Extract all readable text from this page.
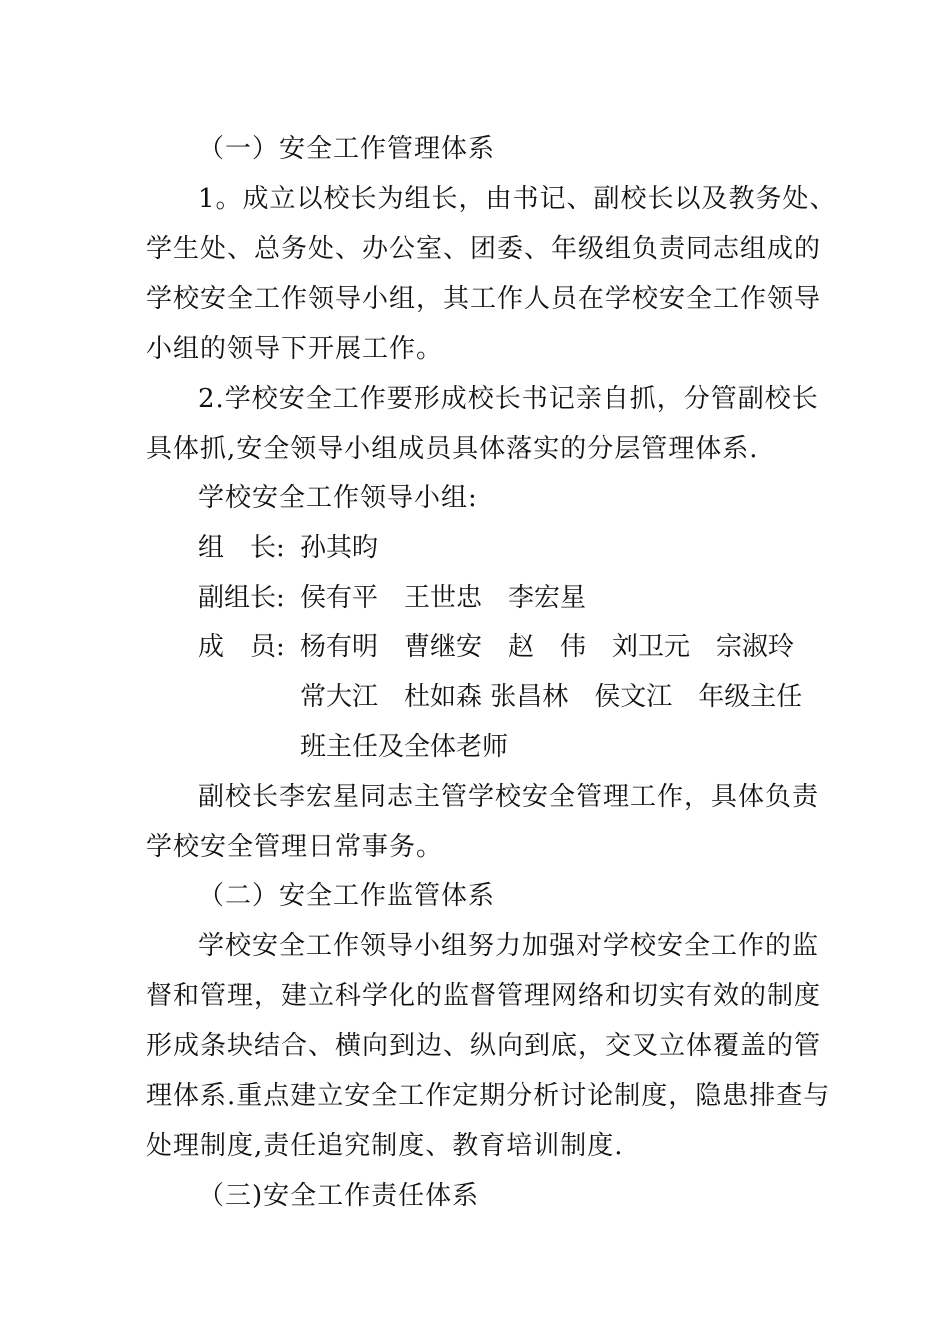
（一）安全工作管理体系
1。成立以校长为组长，由书记、副校长以及教务处、
学生处、总务处、办公室、团委、年级组负责同志组成的
学校安全工作领导小组，其工作人员在学校安全工作领导
小组的领导下开展工作。
2.学校安全工作要形成校长书记亲自抓，分管副校长
具体抓,安全领导小组成员具体落实的分层管理体系.
学校安全工作领导小组:
组　长: 孙其昀
副组长: 侯有平　王世忠　李宏星
成　员: 杨有明　曹继安　赵　伟　刘卫元　宗淑玲
常大江　杜如森 张昌林　侯文江　年级主任
班主任及全体老师
副校长李宏星同志主管学校安全管理工作，具体负责
学校安全管理日常事务。
（二）安全工作监管体系
学校安全工作领导小组努力加强对学校安全工作的监
督和管理，建立科学化的监督管理网络和切实有效的制度
形成条块结合、横向到边、纵向到底，交叉立体覆盖的管
理体系.重点建立安全工作定期分析讨论制度，隐患排查与
处理制度,责任追究制度、教育培训制度.
（三)安全工作责任体系
